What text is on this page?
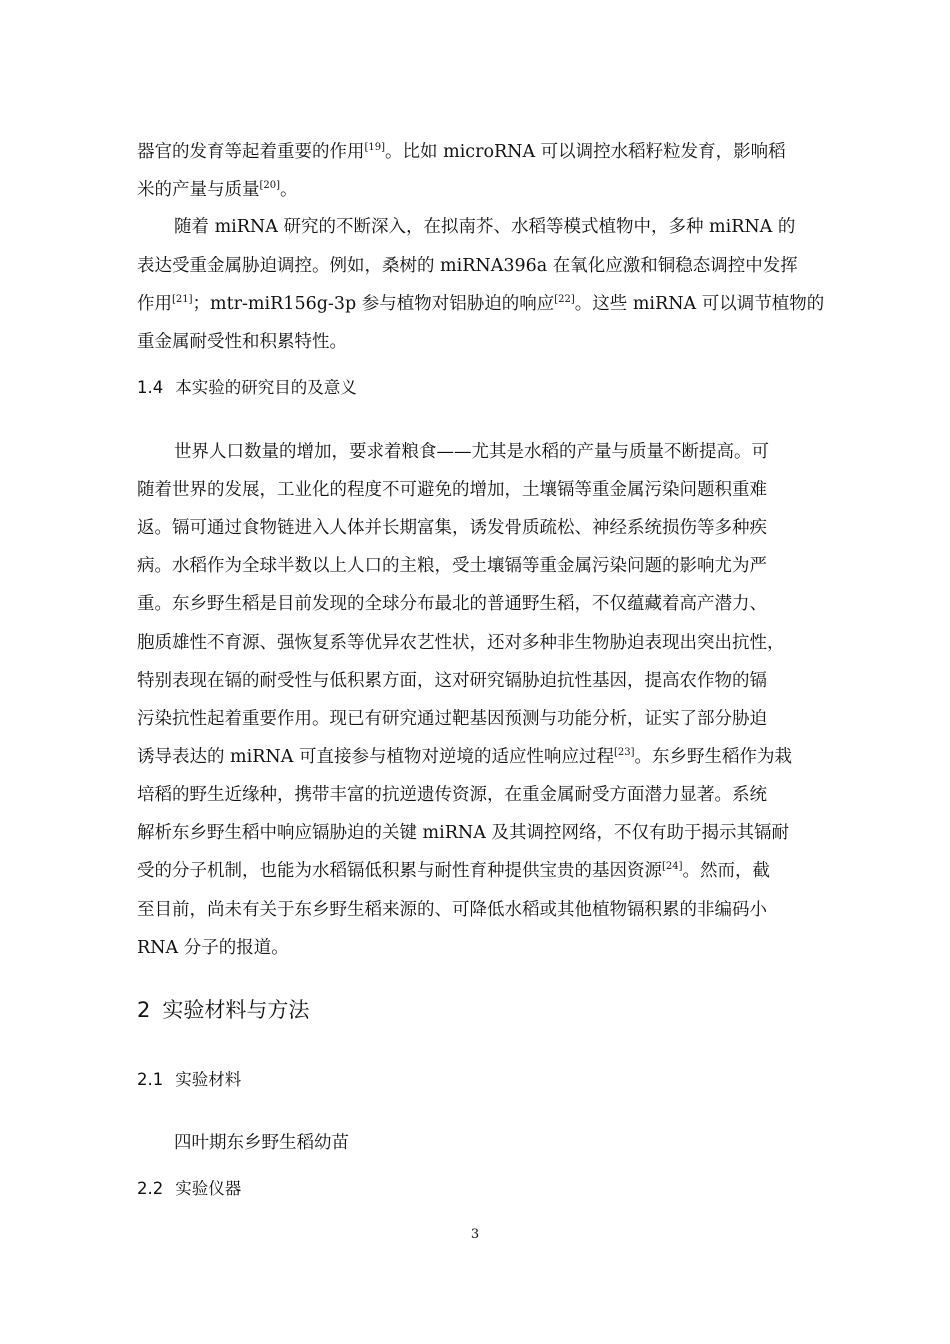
器官的发育等起着重要的作用[19]。比如 microRNA 可以调控水稻籽粒发育，影响稻
米的产量与质量[20]。
随着 miRNA 研究的不断深入，在拟南芥、水稻等模式植物中，多种 miRNA 的
表达受重金属胁迫调控。例如，桑树的 miRNA396a 在氧化应激和铜稳态调控中发挥
作用[21]；mtr-miR156g-3p 参与植物对铝胁迫的响应[22]。这些 miRNA 可以调节植物的
重金属耐受性和积累特性。
1.4 本实验的研究目的及意义
世界人口数量的增加，要求着粮食——尤其是水稻的产量与质量不断提高。可
随着世界的发展，工业化的程度不可避免的增加，土壤镉等重金属污染问题积重难
返。镉可通过食物链进入人体并长期富集，诱发骨质疏松、神经系统损伤等多种疾
病。水稻作为全球半数以上人口的主粮，受土壤镉等重金属污染问题的影响尤为严
重。东乡野生稻是目前发现的全球分布最北的普通野生稻，不仅蕴藏着高产潜力、
胞质雄性不育源、强恢复系等优异农艺性状，还对多种非生物胁迫表现出突出抗性，
特别表现在镉的耐受性与低积累方面，这对研究镉胁迫抗性基因，提高农作物的镉
污染抗性起着重要作用。现已有研究通过靶基因预测与功能分析，证实了部分胁迫
诱导表达的 miRNA 可直接参与植物对逆境的适应性响应过程[23]。东乡野生稻作为栽
培稻的野生近缘种，携带丰富的抗逆遗传资源，在重金属耐受方面潜力显著。系统
解析东乡野生稻中响应镉胁迫的关键 miRNA 及其调控网络，不仅有助于揭示其镉耐
受的分子机制，也能为水稻镉低积累与耐性育种提供宝贵的基因资源[24]。然而，截
至目前，尚未有关于东乡野生稻来源的、可降低水稻或其他植物镉积累的非编码小
RNA 分子的报道。
2 实验材料与方法
2.1 实验材料
四叶期东乡野生稻幼苗
2.2 实验仪器
3
